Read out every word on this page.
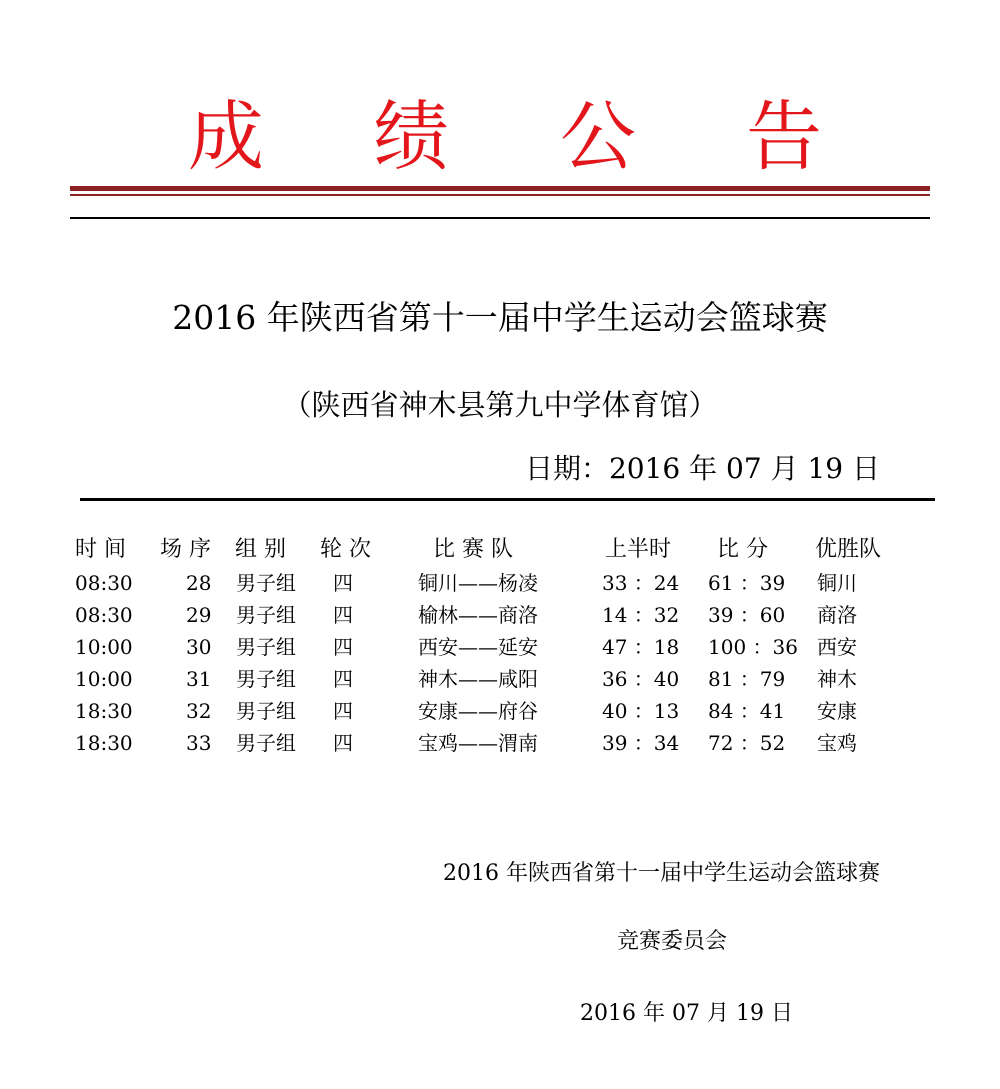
成 绩 公 告
2016 年陕西省第十一届中学生运动会篮球赛
（陕西省神木县第九中学体育馆）
日期：2016 年 07 月 19 日
时 间 场 序 组 别 轮 次	比 赛 队	上半时 比 分 优胜队
08:30	28 男子组 四	铜川——杨凌	33 ：24 61 ：39 铜川
08:30	29 男子组 四	榆林——商洛	14 ：32 39 ：60 商洛
10:00	30 男子组 四	西安——延安	47 ：18 100 ：36 西安
10:00	31 男子组 四	神木——咸阳	36 ：40 81 ：79 神木
18:30	32 男子组 四	安康——府谷	40 ：13 84 ：41 安康
18:30	33 男子组 四	宝鸡——渭南	39 ：34 72 ：52 宝鸡
2016 年陕西省第十一届中学生运动会篮球赛
竞赛委员会
2016 年 07 月 19 日
